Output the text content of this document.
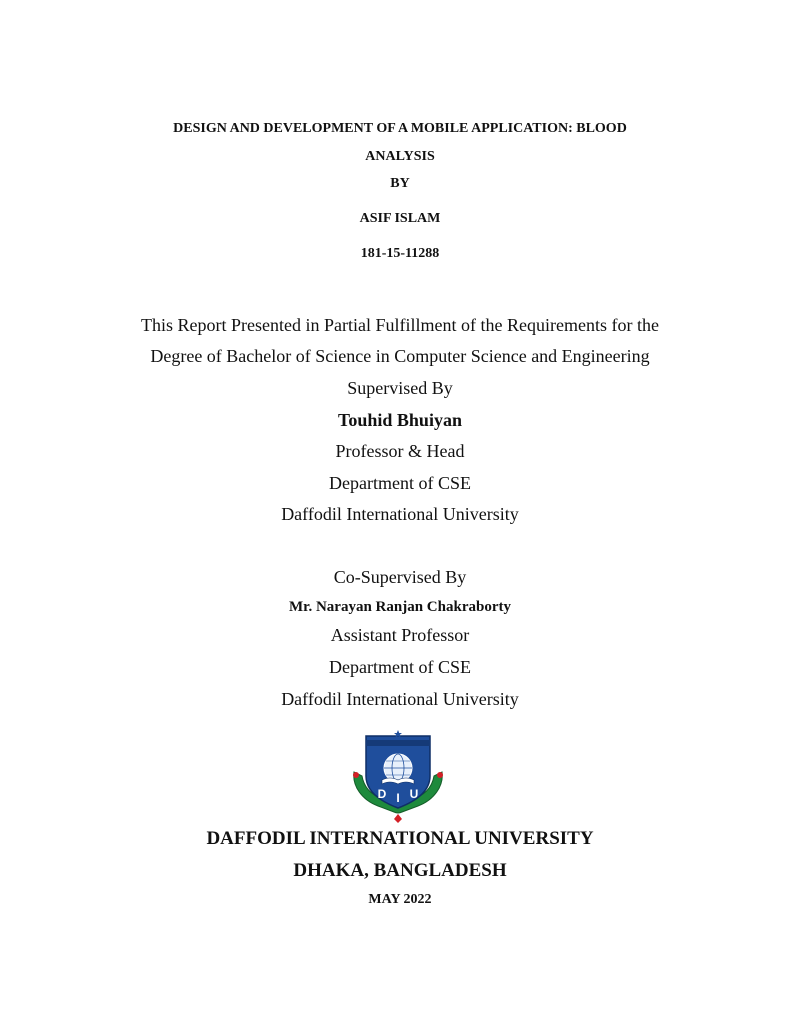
DESIGN AND DEVELOPMENT OF A MOBILE APPLICATION: BLOOD
ANALYSIS
BY
ASIF ISLAM
181-15-11288
This Report Presented in Partial Fulfillment of the Requirements for the
Degree of Bachelor of Science in Computer Science and Engineering
Supervised By
Touhid Bhuiyan
Professor & Head
Department of CSE
Daffodil International University
Co-Supervised By
Mr. Narayan Ranjan Chakraborty
Assistant Professor
Department of CSE
Daffodil International University
D I U
DAFFODIL INTERNATIONAL UNIVERSITY
DHAKA, BANGLADESH
MAY 2022
